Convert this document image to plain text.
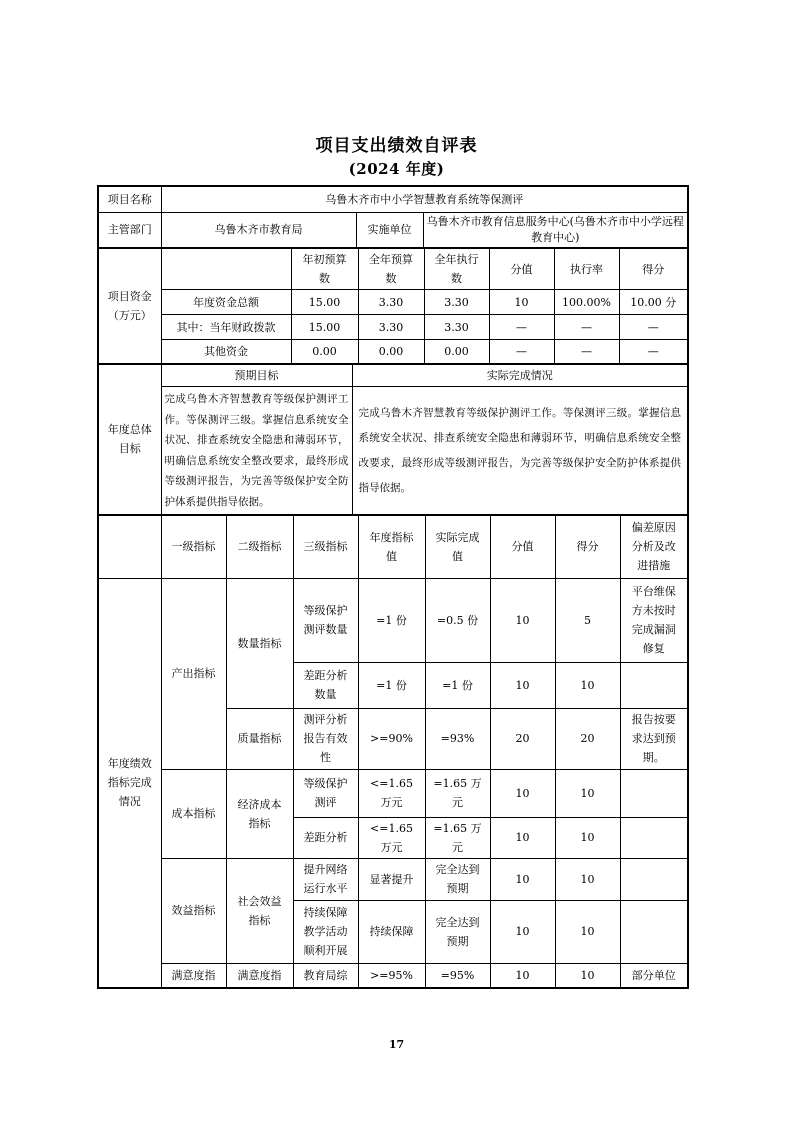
项目支出绩效自评表
(2024 年度)
项目名称	乌鲁木齐市中小学智慧教育系统等保测评		
主管部门	乌鲁木齐市教育局	实施单位	乌鲁木齐市教育信息服务中心(乌鲁木齐市中小学远程教育中心)
项目资金（万元）		年初预算数	全年预算数	全年执行数	分值	执行率	得分
	年度资金总额	15.00	3.30	3.30	10	100.00%	10.00 分
	其中：当年财政拨款	15.00	3.30	3.30	—	—	—
	其他资金	0.00	0.00	0.00	—	—	—
年度总体目标	预期目标	实际完成情况
	完成乌鲁木齐智慧教育等级保护测评工作。等保测评三级。掌握信息系统安全状况、排查系统安全隐患和薄弱环节，明确信息系统安全整改要求，最终形成等级测评报告，为完善等级保护安全防护体系提供指导依据。	完成乌鲁木齐智慧教育等级保护测评工作。等保测评三级。掌握信息系统安全状况、排查系统安全隐患和薄弱环节，明确信息系统安全整改要求，最终形成等级测评报告，为完善等级保护安全防护体系提供指导依据。
	一级指标	二级指标	三级指标	年度指标值	实际完成值	分值	得分	偏差原因分析及改进措施
年度绩效指标完成情况	产出指标	数量指标	等级保护测评数量	=1 份	=0.5 份	10	5	平台维保方未按时完成漏洞修复
			差距分析数量	=1 份	=1 份	10	10	
		质量指标	测评分析报告有效性	>=90%	=93%	20	20	报告按要求达到预期。
	成本指标	经济成本指标	等级保护测评	<=1.65 万元	=1.65 万元	10	10	
			差距分析	<=1.65 万元	=1.65 万元	10	10	
	效益指标	社会效益指标	提升网络运行水平	显著提升	完全达到预期	10	10	
			持续保障教学活动顺利开展	持续保障	完全达到预期	10	10	
	满意度指	满意度指	教育局综	>=95%	=95%	10	10	部分单位
17
